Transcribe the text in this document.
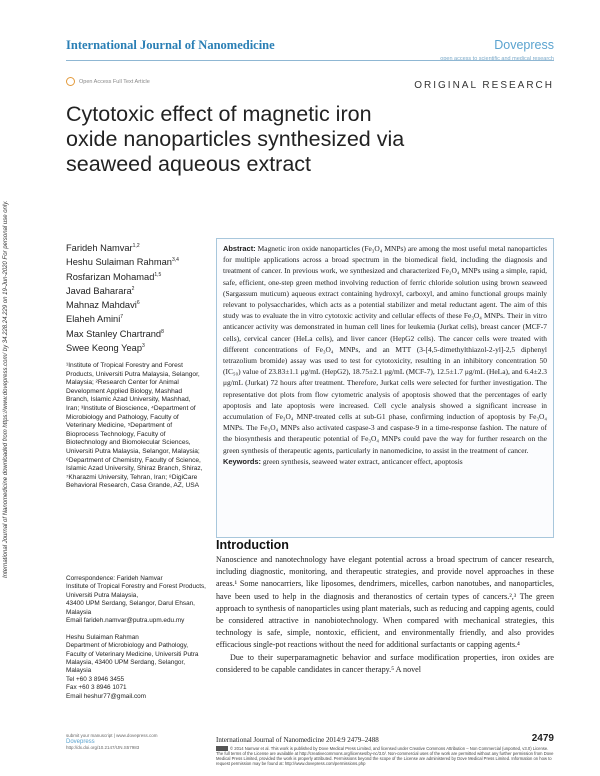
International Journal of Nanomedicine	Dovepress
open access to scientific and medical research
Open Access Full Text Article	ORIGINAL RESEARCH
Cytotoxic effect of magnetic iron oxide nanoparticles synthesized via seaweed aqueous extract
International Journal of Nanomedicine downloaded from https://www.dovepress.com/ by 34.228.24.229 on 19-Jun-2020 For personal use only.	Farideh Namvar$^{1,2}$
Heshu Sulaiman Rahman$^{3,4}$
Rosfarizan Mohamad$^{1,5}$
Javad Baharara$^2$
Mahnaz Mahdavi$^6$
Elaheh Amini$^7$
Max Stanley Chartrand$^8$
Swee Keong Yeap$^3$
¹Institute of Tropical Forestry and Forest Products, Universiti Putra Malaysia, Selangor, Malaysia; ²Research Center for Animal Development Applied Biology, Mashhad Branch, Islamic Azad University, Mashhad, Iran; ³Institute of Bioscience, ⁴Department of Microbiology and Pathology, Faculty of Veterinary Medicine, ⁵Department of Bioprocess Technology, Faculty of Biotechnology and Biomolecular Sciences, Universiti Putra Malaysia, Selangor, Malaysia; ⁶Department of Chemistry, Faculty of Science, Islamic Azad University, Shiraz Branch, Shiraz, ⁷Kharazmi University, Tehran, Iran; ⁸DigiCare Behavioral Research, Casa Grande, AZ, USA
Correspondence: Farideh Namvar
Institute of Tropical Forestry and Forest Products, Universiti Putra Malaysia,
43400 UPM Serdang, Selangor, Darul Ehsan, Malaysia
Email farideh.namvar@putra.upm.edu.my

Heshu Sulaiman Rahman
Department of Microbiology and Pathology, Faculty of Veterinary Medicine, Universiti Putra Malaysia, 43400 UPM Serdang, Selangor, Malaysia
Tel +60 3 8946 3455
Fax +60 3 8946 1071
Email heshur77@gmail.com
Abstract: Magnetic iron oxide nanoparticles (Fe₃O₄ MNPs) are among the most useful metal nanoparticles for multiple applications across a broad spectrum in the biomedical field, including the diagnosis and treatment of cancer. In previous work, we synthesized and characterized Fe₃O₄ MNPs using a simple, rapid, safe, efficient, one-step green method involving reduction of ferric chloride solution using brown seaweed (Sargassum muticum) aqueous extract containing hydroxyl, carboxyl, and amino functional groups mainly relevant to polysaccharides, which acts as a potential stabilizer and metal reductant agent. The aim of this study was to evaluate the in vitro cytotoxic activity and cellular effects of these Fe₃O₄ MNPs. Their in vitro anticancer activity was demonstrated in human cell lines for leukemia (Jurkat cells), breast cancer (MCF-7 cells), cervical cancer (HeLa cells), and liver cancer (HepG2 cells). The cancer cells were treated with different concentrations of Fe₃O₄ MNPs, and an MTT (3-[4,5-dimethylthiazol-2-yl]-2,5 diphenyl tetrazolium bromide) assay was used to test for cytotoxicity, resulting in an inhibitory concentration 50 (IC₅₀) value of 23.83±1.1 μg/mL (HepG2), 18.75±2.1 μg/mL (MCF-7), 12.5±1.7 μg/mL (HeLa), and 6.4±2.3 μg/mL (Jurkat) 72 hours after treatment. Therefore, Jurkat cells were selected for further investigation. The representative dot plots from flow cytometric analysis of apoptosis showed that the percentages of early apoptosis and late apoptosis were increased. Cell cycle analysis showed a significant increase in accumulation of Fe₃O₄ MNP-treated cells at sub-G1 phase, confirming induction of apoptosis by Fe₃O₄ MNPs. The Fe₃O₄ MNPs also activated caspase-3 and caspase-9 in a time-response fashion. The nature of the biosynthesis and therapeutic potential of Fe₃O₄ MNPs could pave the way for further research on the green synthesis of therapeutic agents, particularly in nanomedicine, to assist in the treatment of cancer.
Keywords: green synthesis, seaweed water extract, anticancer effect, apoptosis
Introduction

Nanoscience and nanotechnology have elegant potential across a broad spectrum of cancer research, including diagnostic, monitoring, and therapeutic strategies, and provide novel approaches in these areas.¹ Some nanocarriers, like liposomes, dendrimers, micelles, carbon nanotubes, and nanoparticles, have been used to help in the diagnosis and theranostics of certain types of cancers.²,³ The green approach to synthesis of nanoparticles using plant materials, such as reducing and capping agents, could be considered attractive in nanobiotechnology. When compared with mechanical strategies, this technology is safe, simple, nontoxic, efficient, and environmentally friendly, and also provides efficacious single-pot reactions without the need for additional surfactants or capping agents.⁴

Due to their superparamagnetic behavior and surface modification properties, iron oxides are considered to be capable candidates in cancer therapy.⁵ A novel

submit your manuscript | www.dovepress.com
Dovepress
http://dx.doi.org/10.2147/IJN.S57983
International Journal of Nanomedicine 2014:9 2479–2488	2479
© 2014 Namvar et al. This work is published by Dove Medical Press Limited, and licensed under Creative Commons Attribution – Non Commercial (unported, v3.0) License. The full terms of the License are available at http://creativecommons.org/licenses/by-nc/3.0/. Non-commercial uses of the work are permitted without any further permission from Dove Medical Press Limited, provided the work is properly attributed. Permissions beyond the scope of the License are administered by Dove Medical Press Limited. Information on how to request permission may be found at: http://www.dovepress.com/permissions.php
